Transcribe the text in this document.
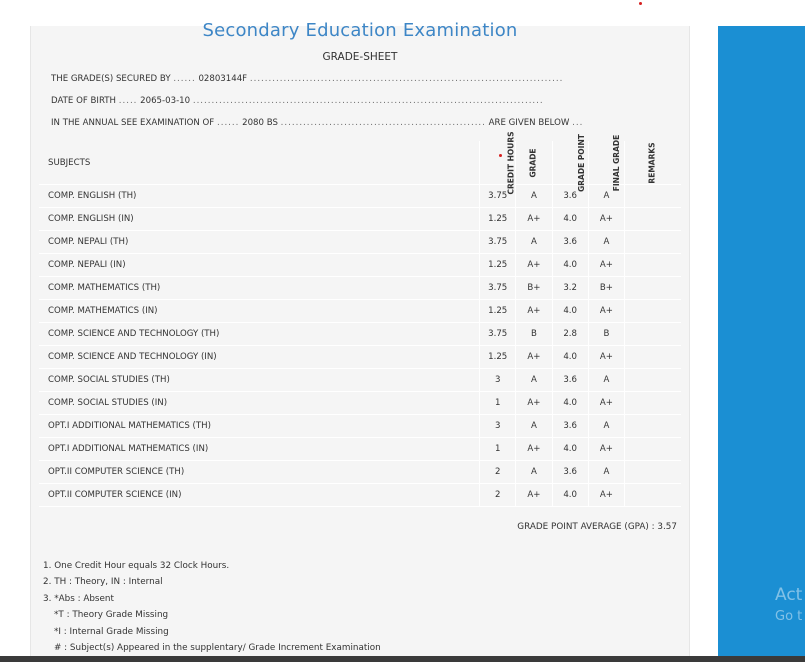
Secondary Education Examination
GRADE-SHEET
THE GRADE(S) SECURED BY ...... 02803144F ....................................................................................
DATE OF BIRTH ..... 2065-03-10 ..............................................................................................
IN THE ANNUAL SEE EXAMINATION OF ...... 2080 BS ....................................................... ARE GIVEN BELOW ...
SUBJECTS	CREDIT HOURS	GRADE	GRADE POINT	FINAL GRADE	REMARKS
COMP. ENGLISH (TH)	3.75	A	3.6	A	
COMP. ENGLISH (IN)	1.25	A+	4.0	A+	
COMP. NEPALI (TH)	3.75	A	3.6	A	
COMP. NEPALI (IN)	1.25	A+	4.0	A+	
COMP. MATHEMATICS (TH)	3.75	B+	3.2	B+	
COMP. MATHEMATICS (IN)	1.25	A+	4.0	A+	
COMP. SCIENCE AND TECHNOLOGY (TH)	3.75	B	2.8	B	
COMP. SCIENCE AND TECHNOLOGY (IN)	1.25	A+	4.0	A+	
COMP. SOCIAL STUDIES (TH)	3	A	3.6	A	
COMP. SOCIAL STUDIES (IN)	1	A+	4.0	A+	
OPT.I ADDITIONAL MATHEMATICS (TH)	3	A	3.6	A	
OPT.I ADDITIONAL MATHEMATICS (IN)	1	A+	4.0	A+	
OPT.II COMPUTER SCIENCE (TH)	2	A	3.6	A	
OPT.II COMPUTER SCIENCE (IN)	2	A+	4.0	A+	
GRADE POINT AVERAGE (GPA) : 3.57
1. One Credit Hour equals 32 Clock Hours.
2. TH : Theory, IN : Internal
3. *Abs : Absent
*T : Theory Grade Missing
*I : Internal Grade Missing
# : Subject(s) Appeared in the supplentary/ Grade Increment Examination
Act
Go t
